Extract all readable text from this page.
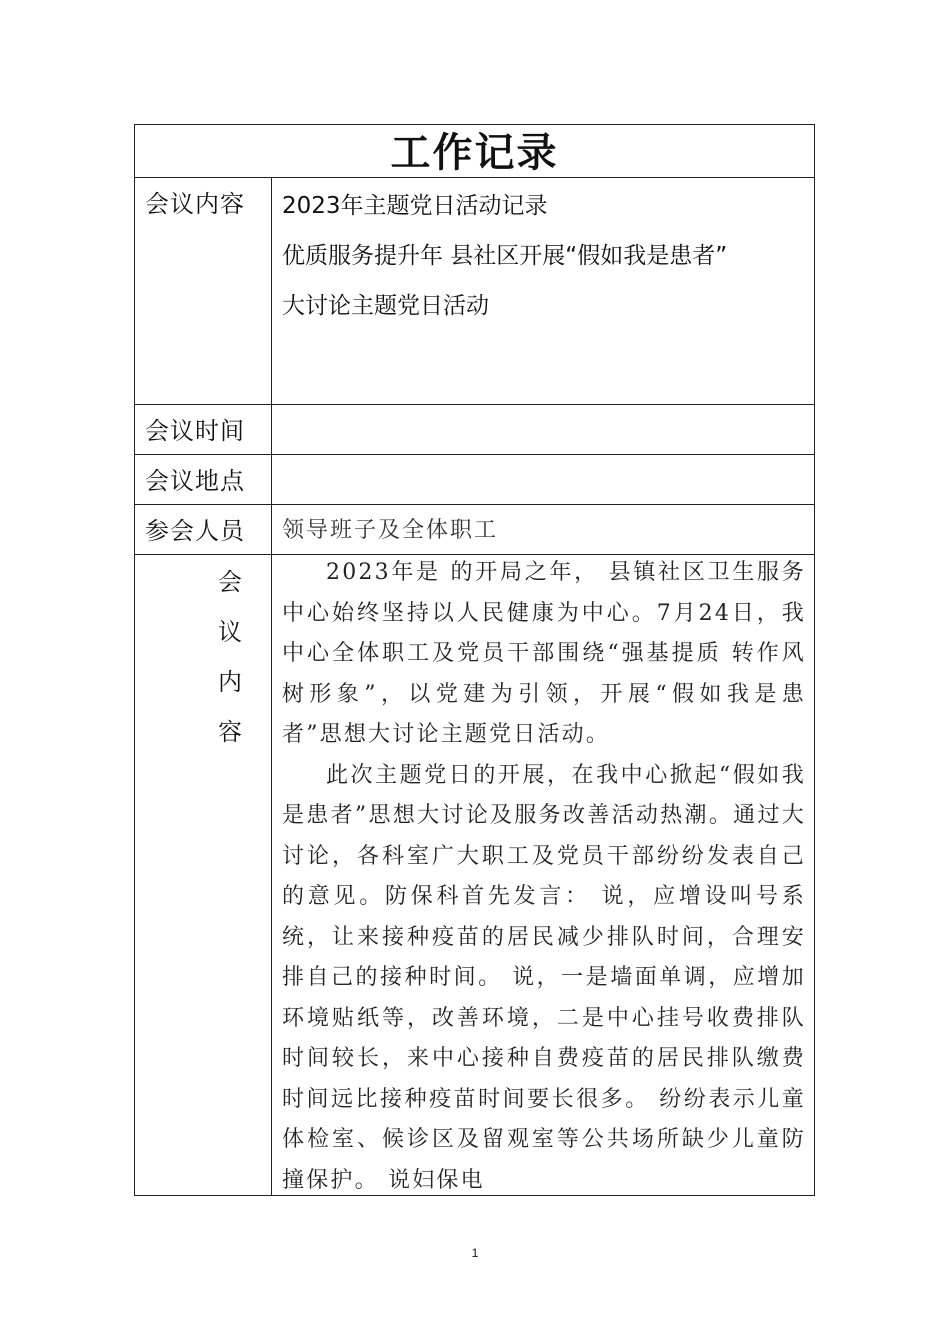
工作记录
会议内容 2023年主题党日活动记录
优质服务提升年 县社区开展“假如我是患者”
大讨论主题党日活动
会议时间
会议地点
参会人员 领导班子及全体职工
会
议
内
容

2023年是 的开局之年， 县镇社区卫生服务中心始终坚持以人民健康为中心。7月24日，我中心全体职工及党员干部围绕“强基提质 转作风树形象”，以党建为引领，开展“假如我是患者”思想大讨论主题党日活动。

此次主题党日的开展，在我中心掀起“假如我是患者”思想大讨论及服务改善活动热潮。通过大讨论，各科室广大职工及党员干部纷纷发表自己的意见。防保科首先发言： 说，应增设叫号系统，让来接种疫苗的居民减少排队时间，合理安排自己的接种时间。 说，一是墙面单调，应增加环境贴纸等，改善环境，二是中心挂号收费排队时间较长，来中心接种自费疫苗的居民排队缴费时间远比接种疫苗时间要长很多。 纷纷表示儿童体检室、候诊区及留观室等公共场所缺少儿童防撞保护。 说妇保电

1
